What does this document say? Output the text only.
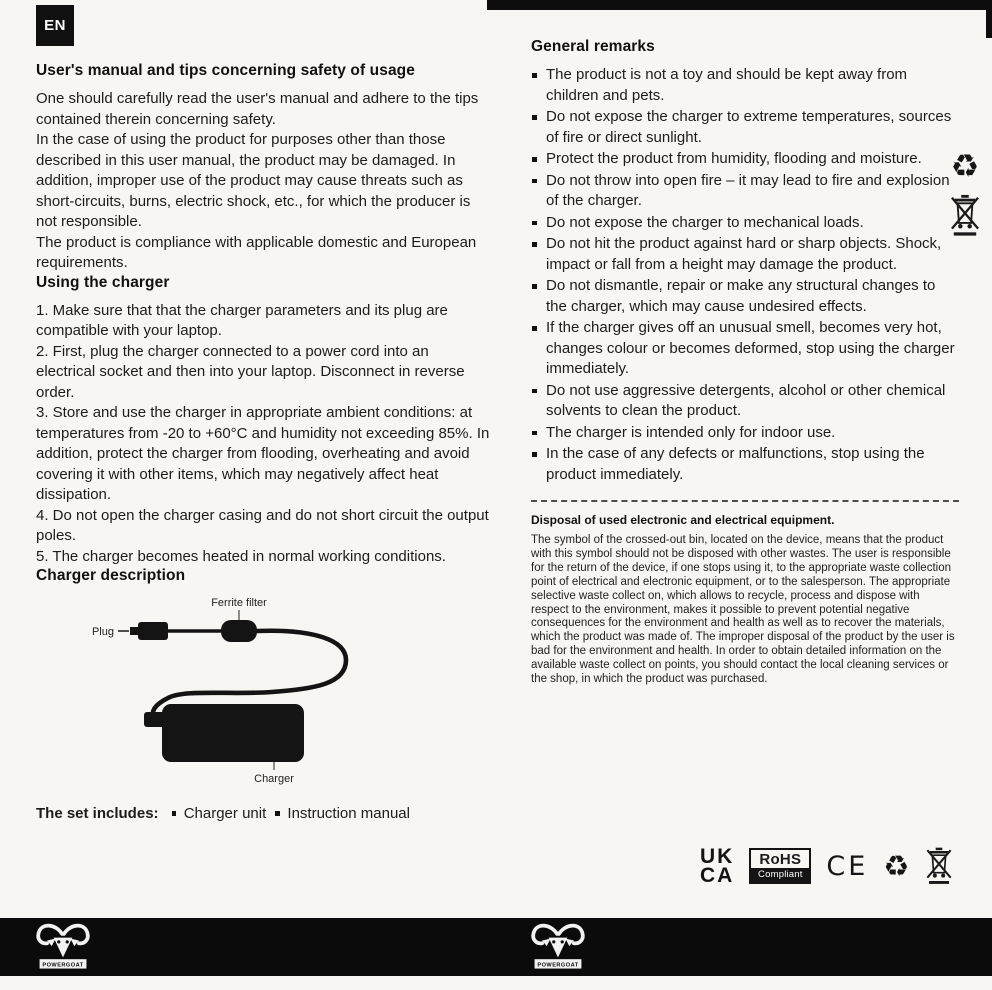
EN
User's manual and tips concerning safety of usage

One should carefully read the user's manual and adhere to the tips contained therein concerning safety.

In the case of using the product for purposes other than those described in this user manual, the product may be damaged. In addition, improper use of the product may cause threats such as short-circuits, burns, electric shock, etc., for which the producer is not responsible.

The product is compliance with applicable domestic and European requirements.

Using the charger

1. Make sure that that the charger parameters and its plug are compatible with your laptop.

2. First, plug the charger connected to a power cord into an electrical socket and then into your laptop. Disconnect in reverse order.

3. Store and use the charger in appropriate ambient conditions: at temperatures from -20 to +60°C and humidity not exceeding 85%. In addition, protect the charger from flooding, overheating and avoid covering it with other items, which may negatively affect heat dissipation.

4. Do not open the charger casing and do not short circuit the output poles.

5. The charger becomes heated in normal working conditions.

Charger description
Ferrite filter
Plug
Charger
The set includes: Charger unit Instruction manual
General remarks
The product is not a toy and should be kept away from children and pets.
Do not expose the charger to extreme temperatures, sources of fire or direct sunlight.
Protect the product from humidity, flooding and moisture.
Do not throw into open fire – it may lead to fire and explosion of the charger.
Do not expose the charger to mechanical loads.
Do not hit the product against hard or sharp objects. Shock, impact or fall from a height may damage the product.
Do not dismantle, repair or make any structural changes to the charger, which may cause undesired effects.
If the charger gives off an unusual smell, becomes very hot, changes colour or becomes deformed, stop using the charger immediately.
Do not use aggressive detergents, alcohol or other chemical solvents to clean the product.
The charger is intended only for indoor use.
In the case of any defects or malfunctions, stop using the product immediately.
Disposal of used electronic and electrical equipment.

The symbol of the crossed-out bin, located on the device, means that the product with this symbol should not be disposed with other wastes. The user is responsible for the return of the device, if one stops using it, to the appropriate waste collection point of electrical and electronic equipment, or to the salesperson. The appropriate selective waste collect on, which allows to recycle, process and dispose with respect to the environment, makes it possible to prevent potential negative consequences for the environment and health as well as to recover the materials, which the product was made of. The improper disposal of the product by the user is bad for the environment and health. In order to obtain detailed information on the available waste collect on points, you should contact the local cleaning services or the shop, in which the product was purchased.

♻
UK
CA
RoHS
Compliant CE ♻
POWERGOAT	POWERGOAT
